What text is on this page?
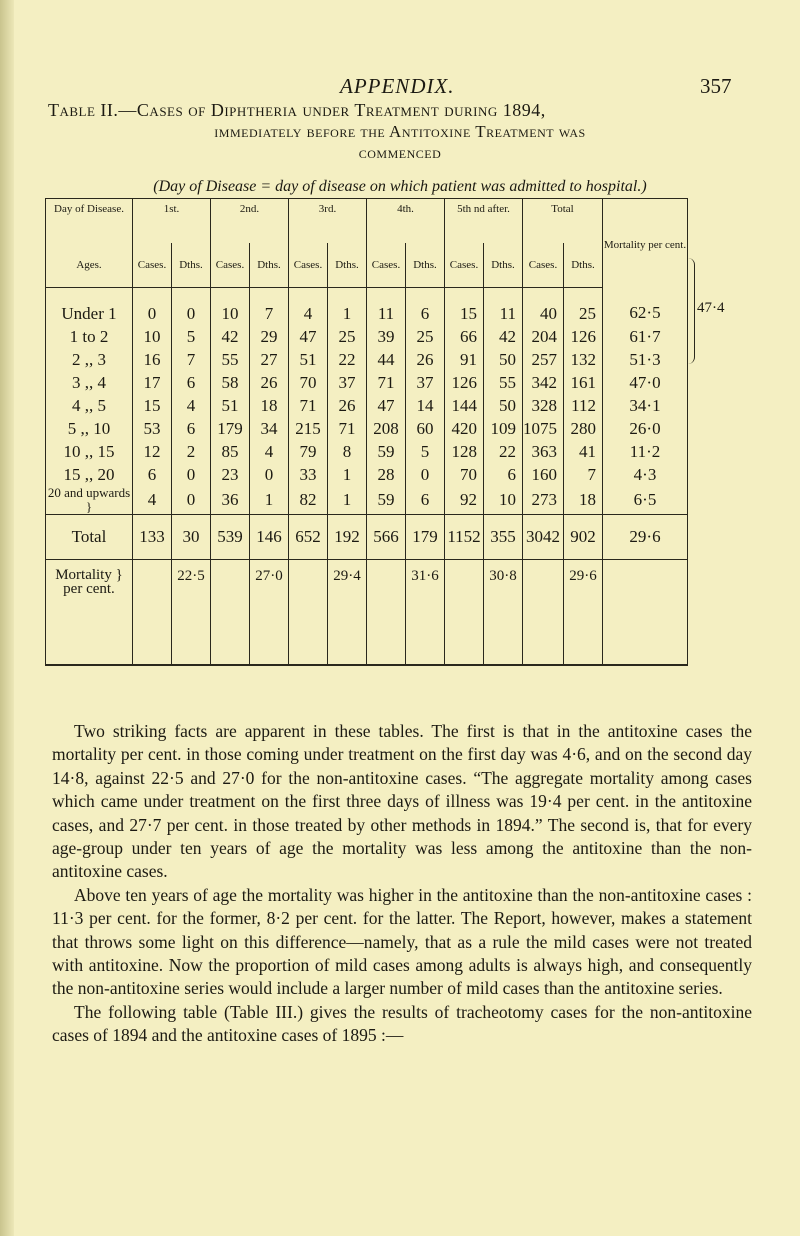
APPENDIX.	357
Table II.—Cases of Diphtheria under Treatment during 1894,
immediately before the Antitoxine Treatment was
commenced
(Day of Disease = day of disease on which patient was admitted to hospital.)
Day of Disease.	1st.		2nd.		3rd.		4th.		5th nd after.		Total		Mortality per cent.
Ages.	Cases.	Dths.	Cases.	Dths.	Cases.	Dths.	Cases.	Dths.	Cases.	Dths.	Cases.	Dths.	
Under 1	0	0	10	7	4	1	11	6	15	11	40	25	62·5
1 to 2	10	5	42	29	47	25	39	25	66	42	204	126	61·7
2 ,, 3	16	7	55	27	51	22	44	26	91	50	257	132	51·3
3 ,, 4	17	6	58	26	70	37	71	37	126	55	342	161	47·0
4 ,, 5	15	4	51	18	71	26	47	14	144	50	328	112	34·1
5 ,, 10	53	6	179	34	215	71	208	60	420	109	1075	280	26·0
10 ,, 15	12	2	85	4	79	8	59	5	128	22	363	41	11·2
15 ,, 20	6	0	23	0	33	1	28	0	70	6	160	7	4·3
20 and upwards }	4	0	36	1	82	1	59	6	92	10	273	18	6·5
Total	133	30	539	146	652	192	566	179	1152	355	3042	902	29·6
Mortality } per cent.		22·5		27·0		29·4		31·6		30·8		29·6	
47·4

Two striking facts are apparent in these tables. The first is that in the antitoxine cases the mortality per cent. in those coming under treatment on the first day was 4·6, and on the second day 14·8, against 22·5 and 27·0 for the non-antitoxine cases. “The aggregate mortality among cases which came under treatment on the first three days of illness was 19·4 per cent. in the antitoxine cases, and 27·7 per cent. in those treated by other methods in 1894.” The second is, that for every age-group under ten years of age the mortality was less among the antitoxine than the non-antitoxine cases.

Above ten years of age the mortality was higher in the antitoxine than the non-antitoxine cases : 11·3 per cent. for the former, 8·2 per cent. for the latter. The Report, however, makes a statement that throws some light on this difference—namely, that as a rule the mild cases were not treated with antitoxine. Now the proportion of mild cases among adults is always high, and consequently the non-antitoxine series would include a larger number of mild cases than the antitoxine series.

The following table (Table III.) gives the results of tracheotomy cases for the non-antitoxine cases of 1894 and the antitoxine cases of 1895 :—
